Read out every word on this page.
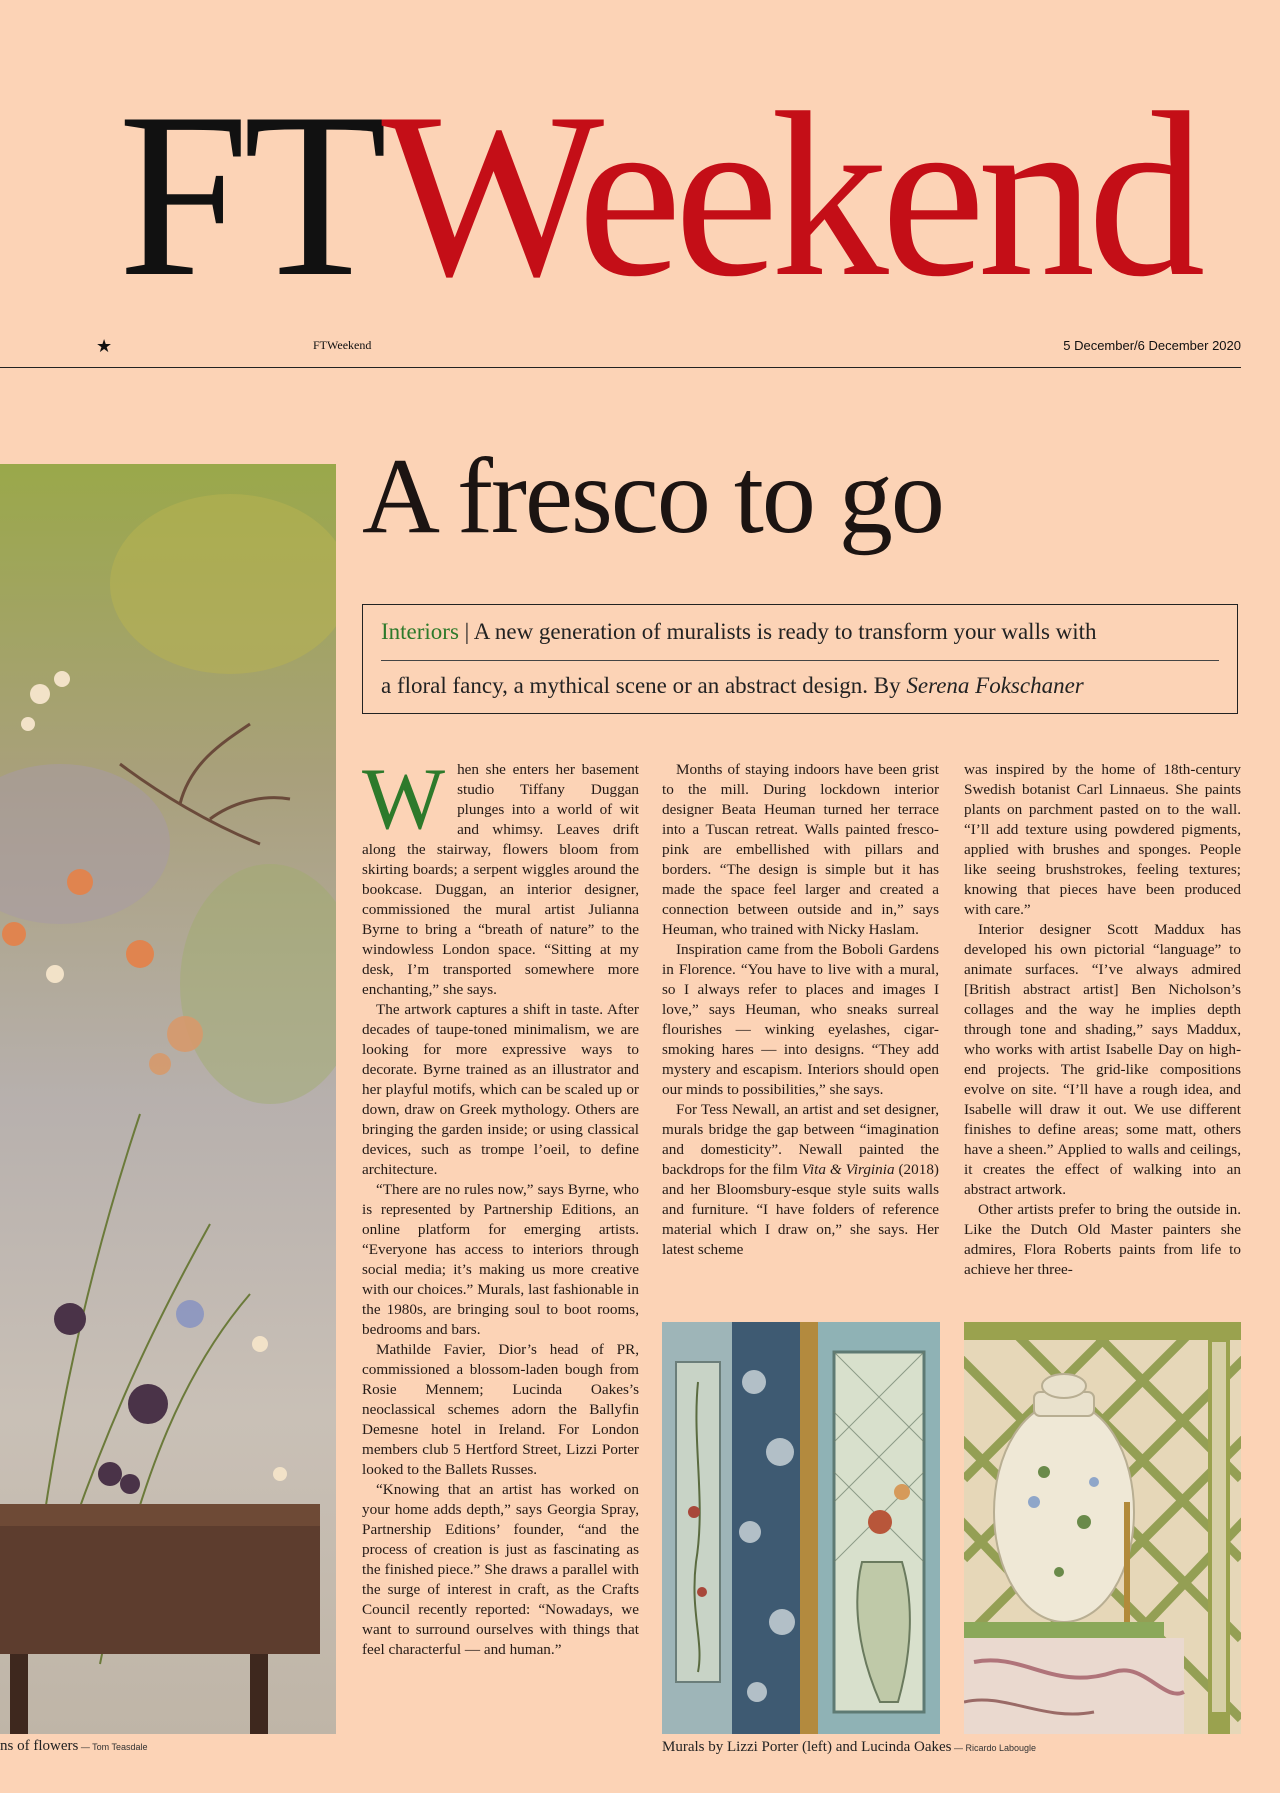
FTWeekend
★	FTWeekend	5 December/6 December 2020
ns of flowers — Tom Teasdale
A fresco to go
Interiors | A new generation of muralists is ready to transform your walls with
a floral fancy, a mythical scene or an abstract design. By Serena Fokschaner

When she enters her basement studio Tiffany Duggan plunges into a world of wit and whimsy. Leaves drift along the stairway, flowers bloom from skirting boards; a serpent wiggles around the bookcase. Duggan, an interior designer, commissioned the mural artist Julianna Byrne to bring a “breath of nature” to the windowless London space. “Sitting at my desk, I’m transported somewhere more enchanting,” she says.

The artwork captures a shift in taste. After decades of taupe-toned minimalism, we are looking for more expressive ways to decorate. Byrne trained as an illustrator and her playful motifs, which can be scaled up or down, draw on Greek mythology. Others are bringing the garden inside; or using classical devices, such as trompe l’oeil, to define architecture.

“There are no rules now,” says Byrne, who is represented by Partnership Editions, an online platform for emerging artists. “Everyone has access to interiors through social media; it’s making us more creative with our choices.” Murals, last fashionable in the 1980s, are bringing soul to boot rooms, bedrooms and bars.

Mathilde Favier, Dior’s head of PR, commissioned a blossom-laden bough from Rosie Mennem; Lucinda Oakes’s neoclassical schemes adorn the Ballyfin Demesne hotel in Ireland. For London members club 5 Hertford Street, Lizzi Porter looked to the Ballets Russes.

“Knowing that an artist has worked on your home adds depth,” says Georgia Spray, Partnership Editions’ founder, “and the process of creation is just as fascinating as the finished piece.” She draws a parallel with the surge of interest in craft, as the Crafts Council recently reported: “Nowadays, we want to surround ourselves with things that feel characterful — and human.”

Months of staying indoors have been grist to the mill. During lockdown interior designer Beata Heuman turned her terrace into a Tuscan retreat. Walls painted fresco-pink are embellished with pillars and borders. “The design is simple but it has made the space feel larger and created a connection between outside and in,” says Heuman, who trained with Nicky Haslam.

Inspiration came from the Boboli Gardens in Florence. “You have to live with a mural, so I always refer to places and images I love,” says Heuman, who sneaks surreal flourishes — winking eyelashes, cigar-smoking hares — into designs. “They add mystery and escapism. Interiors should open our minds to possibilities,” she says.

For Tess Newall, an artist and set designer, murals bridge the gap between “imagination and domesticity”. Newall painted the backdrops for the film Vita & Virginia (2018) and her Bloomsbury-esque style suits walls and furniture. “I have folders of reference material which I draw on,” she says. Her latest scheme

was inspired by the home of 18th-century Swedish botanist Carl Linnaeus. She paints plants on parchment pasted on to the wall. “I’ll add texture using powdered pigments, applied with brushes and sponges. People like seeing brushstrokes, feeling textures; knowing that pieces have been produced with care.”

Interior designer Scott Maddux has developed his own pictorial “language” to animate surfaces. “I’ve always admired [British abstract artist] Ben Nicholson’s collages and the way he implies depth through tone and shading,” says Maddux, who works with artist Isabelle Day on high-end projects. The grid-like compositions evolve on site. “I’ll have a rough idea, and Isabelle will draw it out. We use different finishes to define areas; some matt, others have a sheen.” Applied to walls and ceilings, it creates the effect of walking into an abstract artwork.

Other artists prefer to bring the outside in. Like the Dutch Old Master painters she admires, Flora Roberts paints from life to achieve her three-

Murals by Lizzi Porter (left) and Lucinda Oakes — Ricardo Labougle
